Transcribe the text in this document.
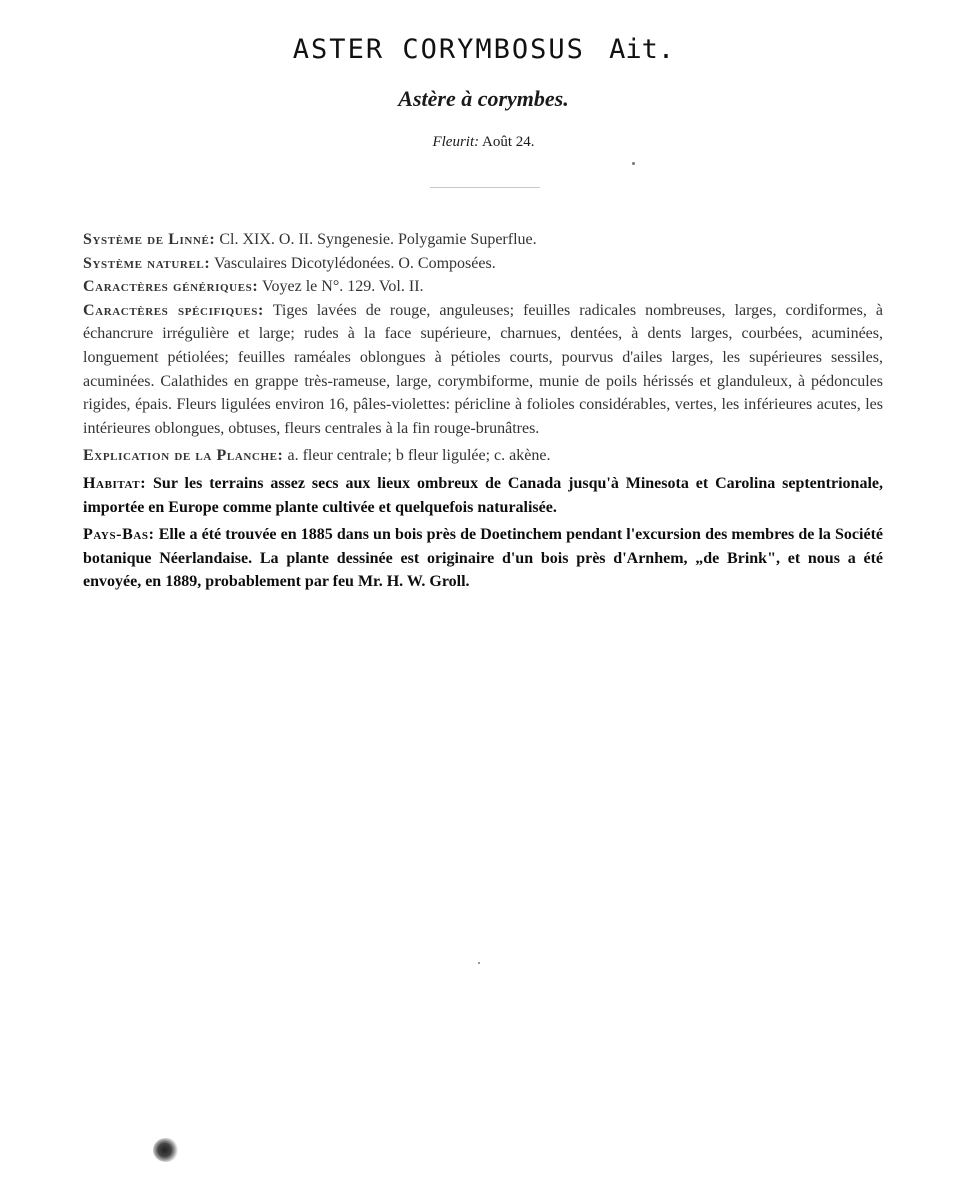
ASTER CORYMBOSUS Ait.
Astère à corymbes.
Fleurit: Août 24.

Système de Linné: Cl. XIX. O. II. Syngenesie. Polygamie Superflue.

Système naturel: Vasculaires Dicotylédonées. O. Composées.

Caractères génériques: Voyez le N°. 129. Vol. II.

Caractères spécifiques: Tiges lavées de rouge, anguleuses; feuilles radicales nombreuses, larges, cordiformes, à échancrure irrégulière et large; rudes à la face supérieure, charnues, dentées, à dents larges, courbées, acuminées, longuement pétiolées; feuilles raméales oblongues à pétioles courts, pourvus d'ailes larges, les supérieures sessiles, acuminées. Calathides en grappe très-rameuse, large, corymbiforme, munie de poils hérissés et glanduleux, à pédoncules rigides, épais. Fleurs ligulées environ 16, pâles-violettes: péricline à folioles considérables, vertes, les inférieures acutes, les intérieures oblongues, obtuses, fleurs centrales à la fin rouge-brunâtres.

Explication de la Planche: a. fleur centrale; b fleur ligulée; c. akène.

Habitat: Sur les terrains assez secs aux lieux ombreux de Canada jusqu'à Minesota et Carolina septentrionale, importée en Europe comme plante cultivée et quelquefois naturalisée.

Pays-Bas: Elle a été trouvée en 1885 dans un bois près de Doetinchem pendant l'excursion des membres de la Société botanique Néerlandaise. La plante dessinée est originaire d'un bois près d'Arnhem, „de Brink", et nous a été envoyée, en 1889, probablement par feu Mr. H. W. Groll.
